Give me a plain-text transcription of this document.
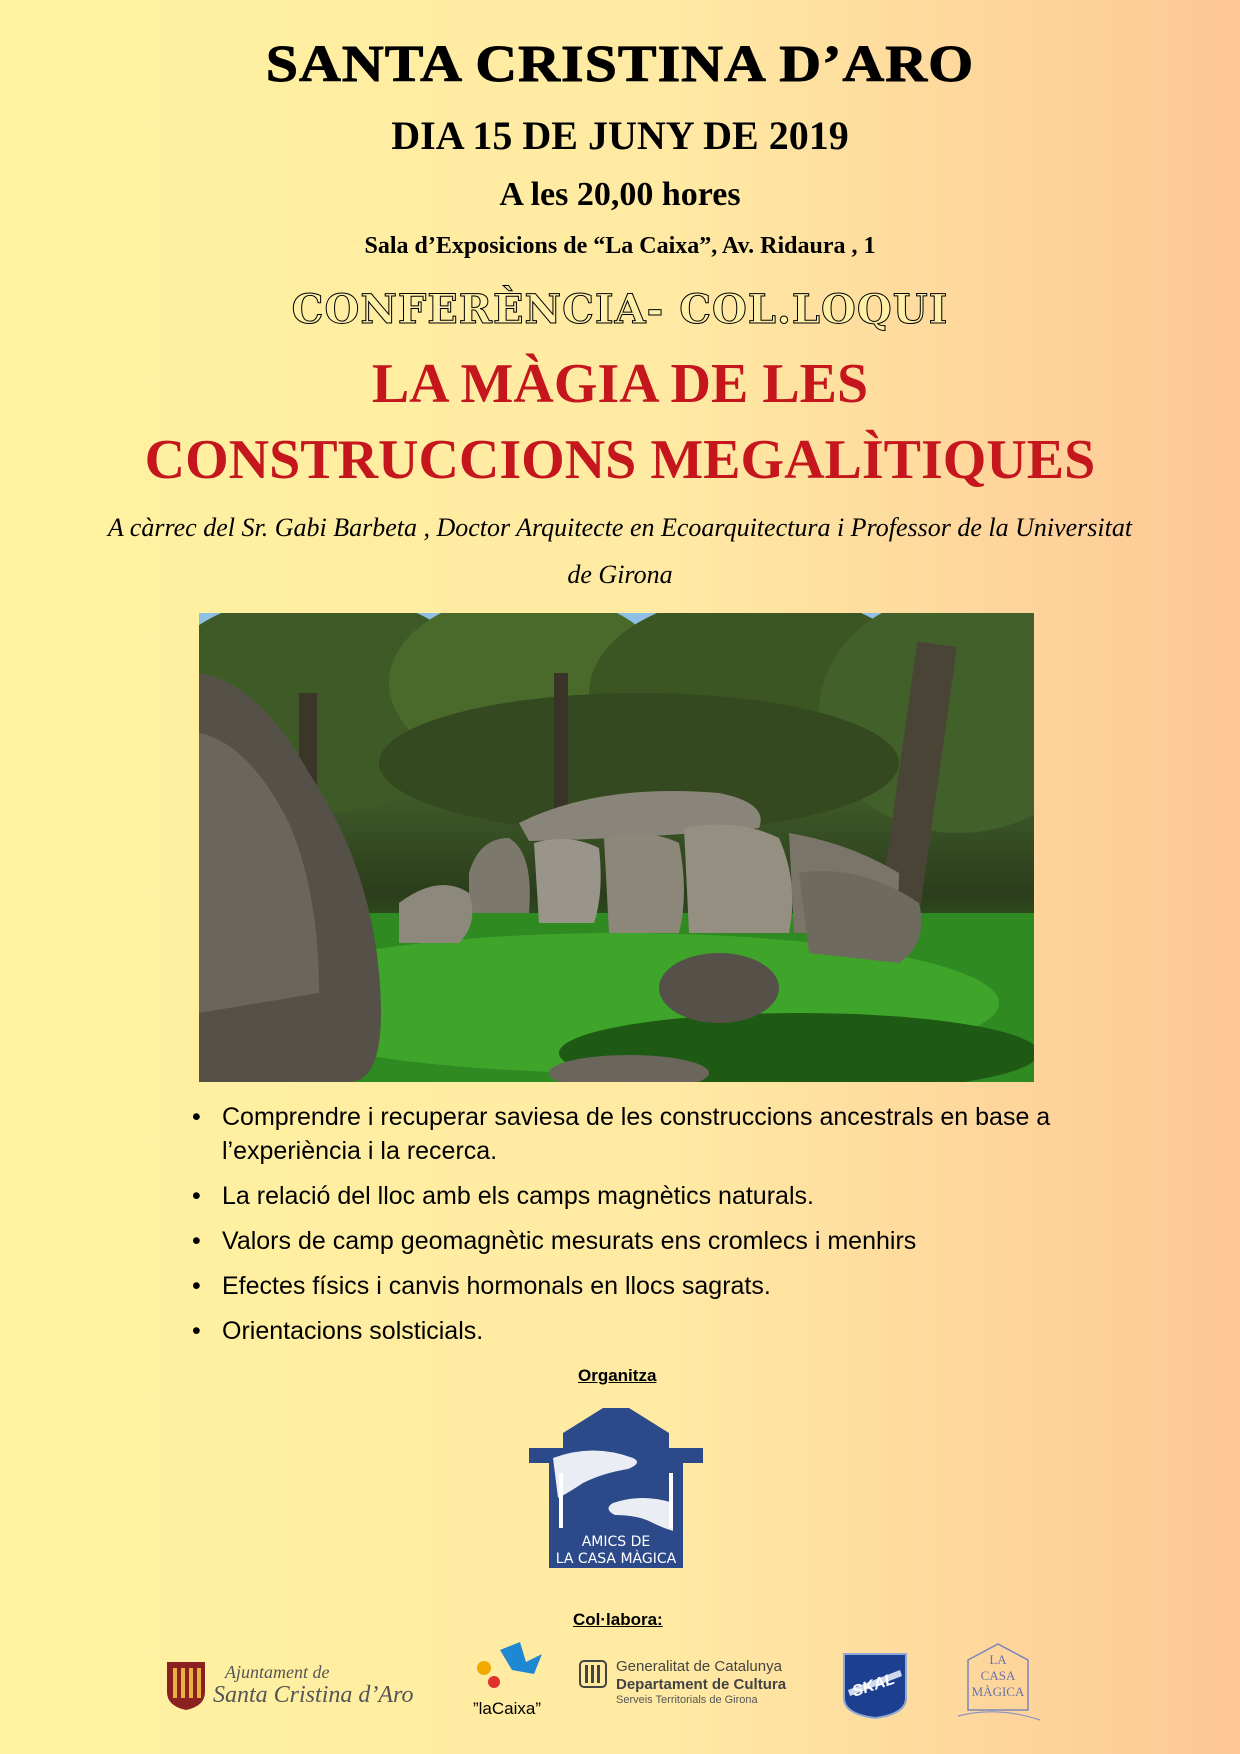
SANTA CRISTINA D’ARO
DIA 15 DE JUNY DE 2019
A les 20,00 hores
Sala d’Exposicions de “La Caixa”, Av. Ridaura , 1
CONFERÈNCIA- COL.LOQUI
LA MÀGIA DE LES
CONSTRUCCIONS MEGALÌTIQUES
A càrrec del Sr. Gabi Barbeta , Doctor Arquitecte en Ecoarquitectura i Professor de la Universitat de Girona
• Comprendre i recuperar saviesa de les construccions ancestrals en base a l’experiència i la recerca.
• La relació del lloc amb els camps magnètics naturals.
• Valors de camp geomagnètic mesurats ens cromlecs i menhirs
• Efectes físics i canvis hormonals en llocs sagrats.
• Orientacions solsticials.
Organitza
AMICS DE
LA CASA MÀGICA
Col·labora:
Ajuntament de
Santa Cristina d’Aro
”laCaixa”
Generalitat de Catalunya
Departament de Cultura
Serveis Territorials de Girona	SKAL
LA
CASA
MÀGICA
